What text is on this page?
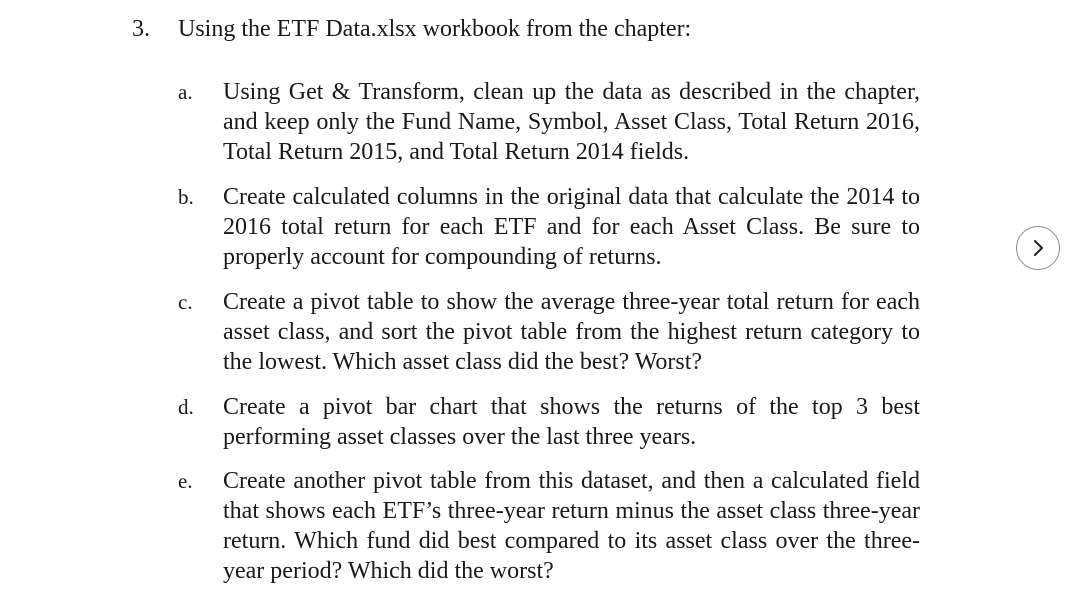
3. Using the ETF Data.xlsx workbook from the chapter:
a.	Using Get & Transform, clean up the data as described in the chapter, and keep only the Fund Name, Symbol, Asset Class, Total Return 2016, Total Return 2015, and Total Return 2014 fields.
b.	Create calculated columns in the original data that calculate the 2014 to 2016 total return for each ETF and for each Asset Class. Be sure to properly account for compounding of returns.
c.	Create a pivot table to show the average three-year total return for each asset class, and sort the pivot table from the highest return category to the lowest. Which asset class did the best? Worst?
d.	Create a pivot bar chart that shows the returns of the top 3 best performing asset classes over the last three years.
e.	Create another pivot table from this dataset, and then a calculated field that shows each ETF’s three-year return minus the asset class three-year return. Which fund did best compared to its asset class over the three-year period? Which did the worst?
